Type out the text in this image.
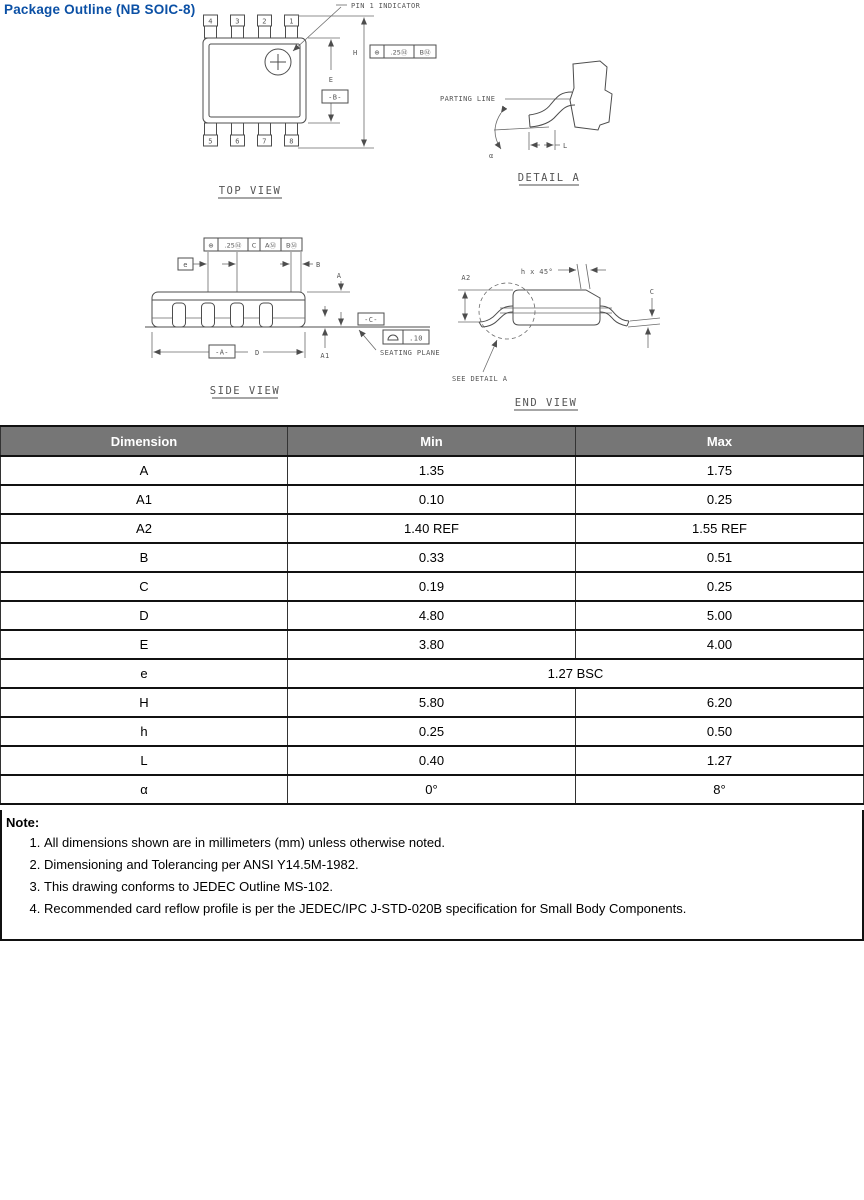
Package Outline (NB SOIC-8)
4	3	2	1
5	6	7	8
PIN 1 INDICATOR
E
-B-
H	⊕ .25Ⓜ BⓂ
TOP VIEW
PARTING LINE
α
L
DETAIL A
⊕ .25Ⓜ C AⓂ BⓂ
e	B
A
A1
-C-
.10
SEATING PLANE
-A-	D
SIDE VIEW
h x 45°
C
A2
SEE DETAIL A
END VIEW
Dimension	Min	Max
A	1.35	1.75
A1	0.10	0.25
A2	1.40 REF	1.55 REF
B	0.33	0.51
C	0.19	0.25
D	4.80	5.00
E	3.80	4.00
e	1.27 BSC	
H	5.80	6.20
h	0.25	0.50
L	0.40	1.27
α	0°	8°
Note:
1. All dimensions shown are in millimeters (mm) unless otherwise noted.
2. Dimensioning and Tolerancing per ANSI Y14.5M-1982.
3. This drawing conforms to JEDEC Outline MS-102.
4. Recommended card reflow profile is per the JEDEC/IPC J-STD-020B specification for Small Body Components.
